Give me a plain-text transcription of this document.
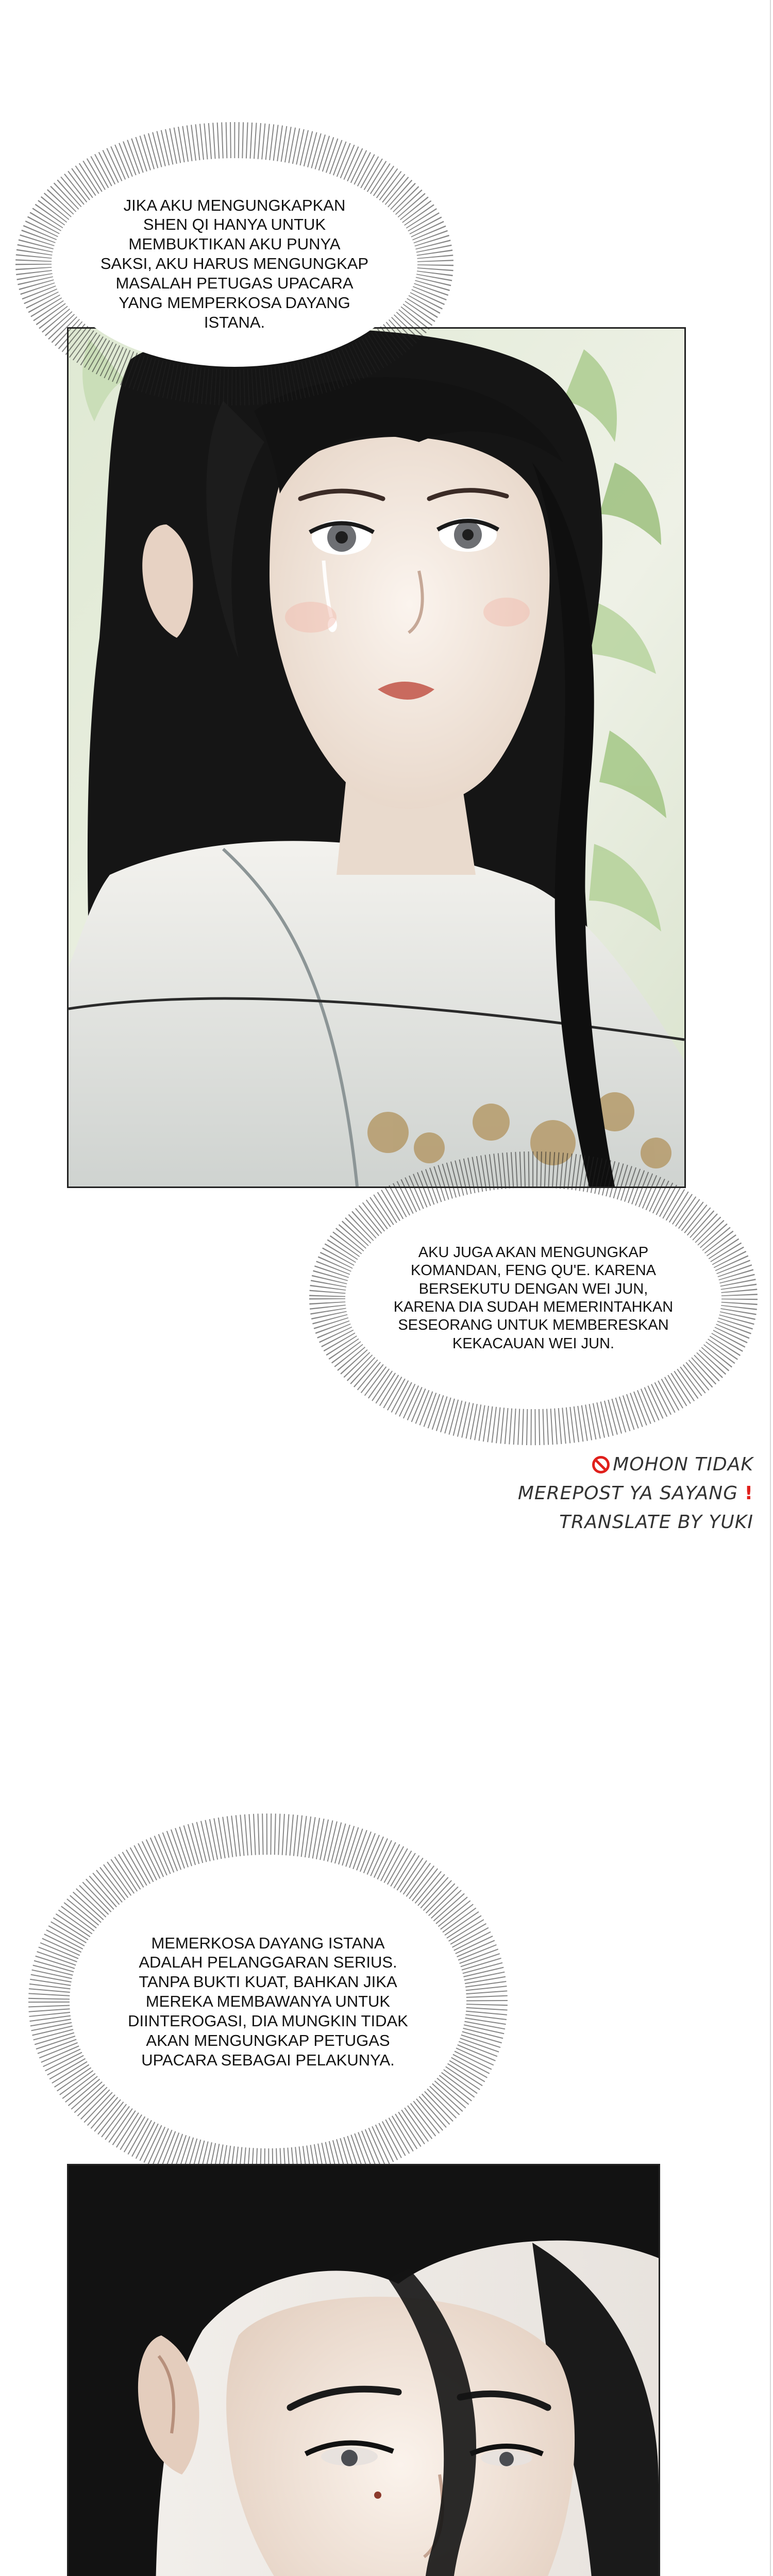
JIKA AKU MENGUNGKAPKAN
SHEN QI HANYA UNTUK
MEMBUKTIKAN AKU PUNYA
SAKSI, AKU HARUS MENGUNGKAP
MASALAH PETUGAS UPACARA
YANG MEMPERKOSA DAYANG
ISTANA.
AKU JUGA AKAN MENGUNGKAP
KOMANDAN, FENG QU'E. KARENA
BERSEKUTU DENGAN WEI JUN,
KARENA DIA SUDAH MEMERINTAHKAN
SESEORANG UNTUK MEMBERESKAN
KEKACAUAN WEI JUN.
MOHON TIDAK
MEREPOST YA SAYANG !
TRANSLATE BY YUKI
MEMERKOSA DAYANG ISTANA
ADALAH PELANGGARAN SERIUS.
TANPA BUKTI KUAT, BAHKAN JIKA
MEREKA MEMBAWANYA UNTUK
DIINTEROGASI, DIA MUNGKIN TIDAK
AKAN MENGUNGKAP PETUGAS
UPACARA SEBAGAI PELAKUNYA.
